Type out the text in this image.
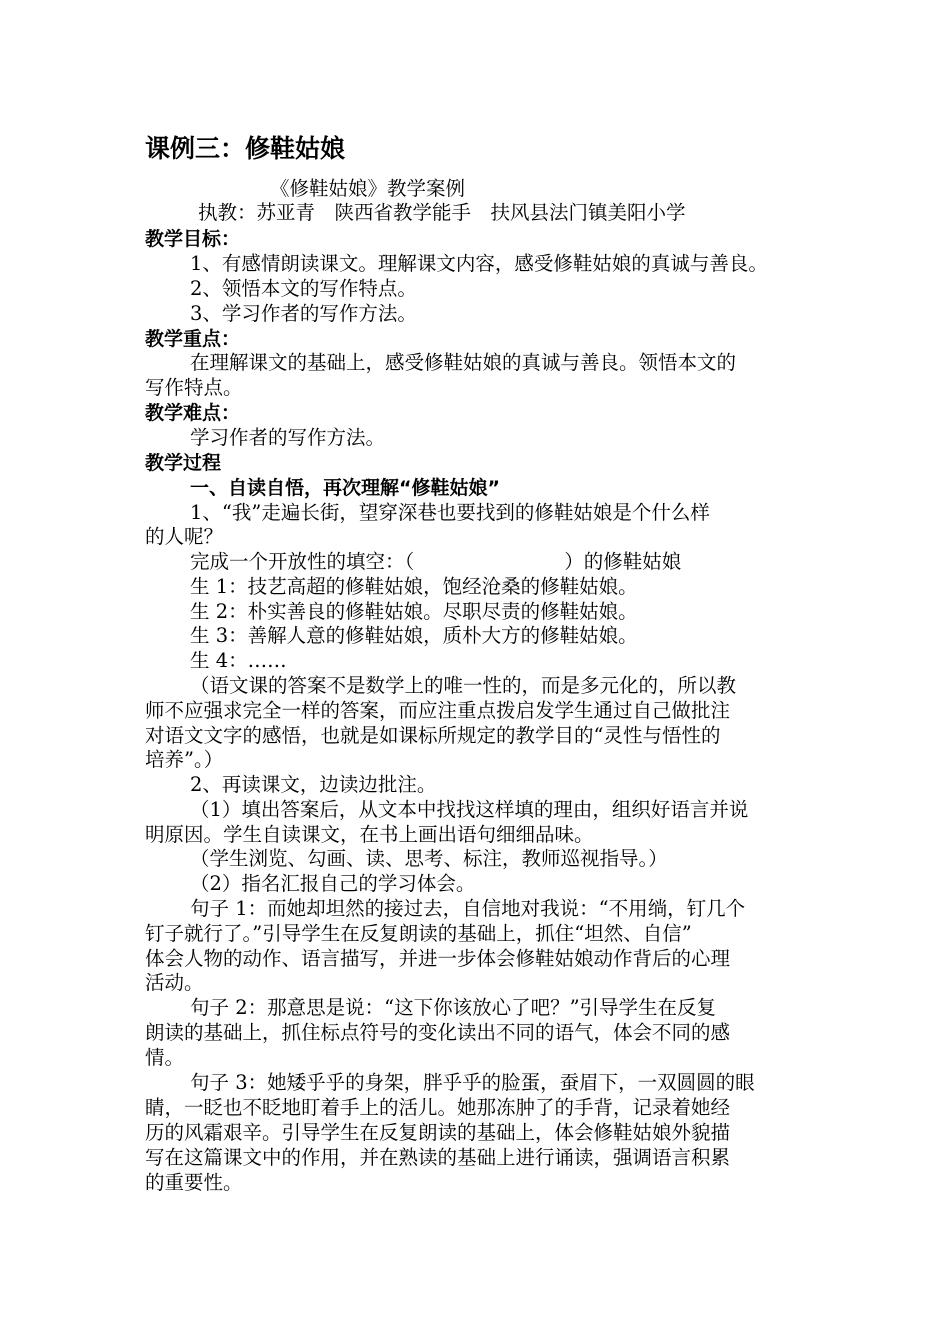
课例三：修鞋姑娘
《修鞋姑娘》教学案例
执教：苏亚青　陕西省教学能手　扶风县法门镇美阳小学
教学目标：
1、有感情朗读课文。理解课文内容，感受修鞋姑娘的真诚与善良。
2、领悟本文的写作特点。
3、学习作者的写作方法。
教学重点：
在理解课文的基础上，感受修鞋姑娘的真诚与善良。领悟本文的
写作特点。
教学难点：
学习作者的写作方法。
教学过程
一、自读自悟，再次理解“修鞋姑娘”
1、“我”走遍长街，望穿深巷也要找到的修鞋姑娘是个什么样
的人呢？
完成一个开放性的填空：（	）的修鞋姑娘
生 1：技艺高超的修鞋姑娘，饱经沧桑的修鞋姑娘。
生 2：朴实善良的修鞋姑娘。尽职尽责的修鞋姑娘。
生 3：善解人意的修鞋姑娘，质朴大方的修鞋姑娘。
生 4：……
（语文课的答案不是数学上的唯一性的，而是多元化的，所以教
师不应强求完全一样的答案，而应注重点拨启发学生通过自己做批注
对语文文字的感悟，也就是如课标所规定的教学目的“灵性与悟性的
培养”。）
2、再读课文，边读边批注。
（1）填出答案后，从文本中找找这样填的理由，组织好语言并说
明原因。学生自读课文，在书上画出语句细细品味。
（学生浏览、勾画、读、思考、标注，教师巡视指导。）
（2）指名汇报自己的学习体会。
句子 1：而她却坦然的接过去，自信地对我说：“不用绱，钉几个
钉子就行了。”引导学生在反复朗读的基础上，抓住“坦然、自信”
体会人物的动作、语言描写，并进一步体会修鞋姑娘动作背后的心理
活动。
句子 2：那意思是说：“这下你该放心了吧？”引导学生在反复
朗读的基础上，抓住标点符号的变化读出不同的语气，体会不同的感
情。
句子 3：她矮乎乎的身架，胖乎乎的脸蛋，蚕眉下，一双圆圆的眼
睛，一眨也不眨地盯着手上的活儿。她那冻肿了的手背，记录着她经
历的风霜艰辛。引导学生在反复朗读的基础上，体会修鞋姑娘外貌描
写在这篇课文中的作用，并在熟读的基础上进行诵读，强调语言积累
的重要性。
